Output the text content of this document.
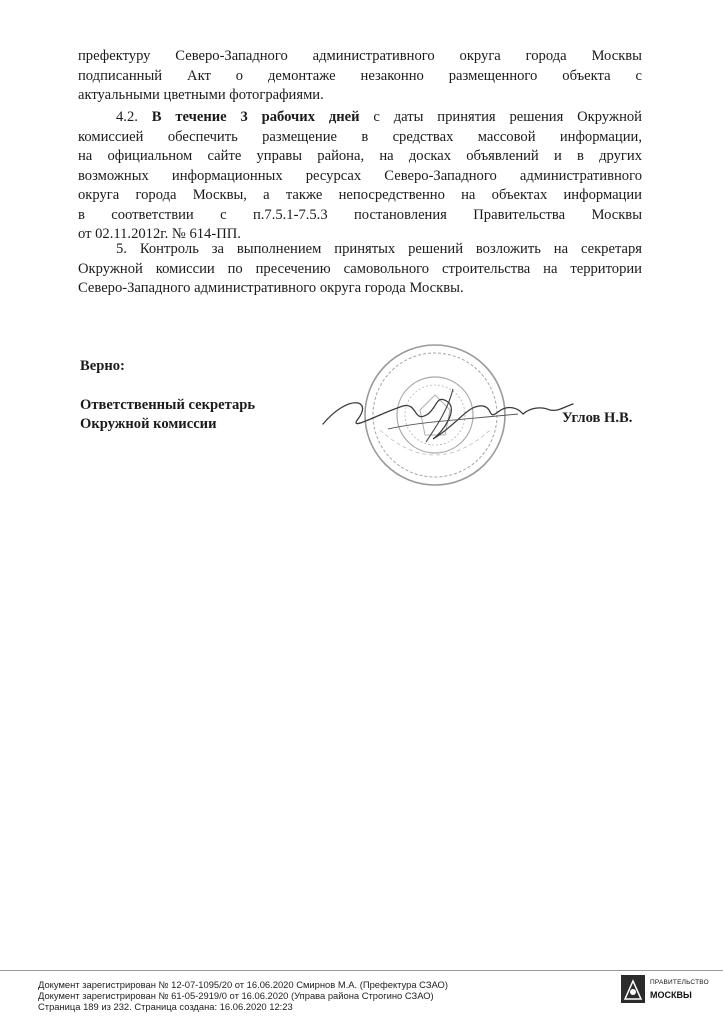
префектуру Северо-Западного административного округа города Москвы
подписанный Акт о демонтаже незаконно размещенного объекта с
актуальными цветными фотографиями.
4.2. В течение 3 рабочих дней с даты принятия решения Окружной
комиссией обеспечить размещение в средствах массовой информации,
на официальном сайте управы района, на досках объявлений и в других
возможных информационных ресурсах Северо-Западного административного
округа города Москвы, а также непосредственно на объектах информации
в соответствии с п.7.5.1-7.5.3 постановления Правительства Москвы
от 02.11.2012г. № 614-ПП.
5. Контроль за выполнением принятых решений возложить на секретаря
Окружной комиссии по пресечению самовольного строительства на территории
Северо-Западного административного округа города Москвы.
Верно:
Ответственный секретарь
Окружной комиссии	Углов Н.В.
Документ зарегистрирован № 12-07-1095/20 от 16.06.2020 Смирнов М.А. (Префектура СЗАО)
Документ зарегистрирован № 61-05-2919/0 от 16.06.2020 (Управа района Строгино СЗАО)
Страница 189 из 232. Страница создана: 16.06.2020 12:23
ПРАВИТЕЛЬСТВО
МОСКВЫ
